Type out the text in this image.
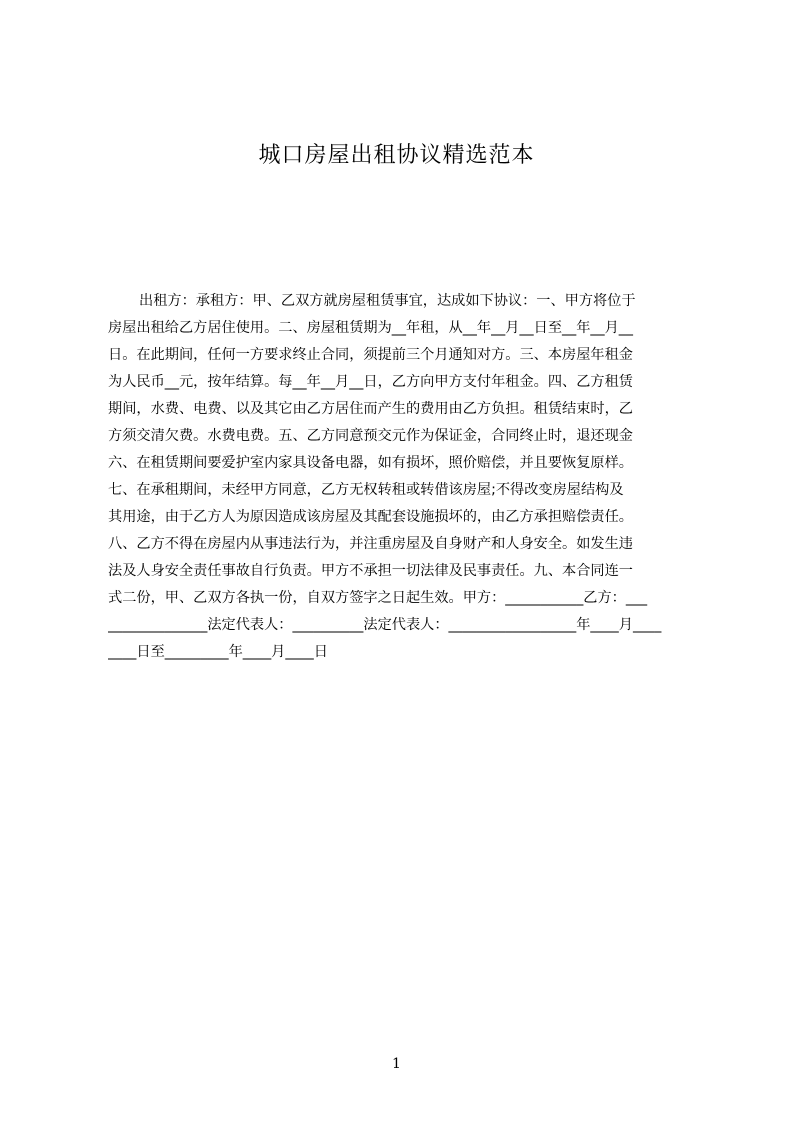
城口房屋出租协议精选范本
出租方：承租方：甲、乙双方就房屋租赁事宜，达成如下协议：一、甲方将位于
房屋出租给乙方居住使用。二、房屋租赁期为__年租，从__年__月__日至__年__月__
日。在此期间，任何一方要求终止合同，须提前三个月通知对方。三、本房屋年租金
为人民币__元，按年结算。每__年__月__日，乙方向甲方支付年租金。四、乙方租赁
期间，水费、电费、以及其它由乙方居住而产生的费用由乙方负担。租赁结束时，乙
方须交清欠费。水费电费。五、乙方同意预交元作为保证金，合同终止时，退还现金
六、在租赁期间要爱护室内家具设备电器，如有损坏，照价赔偿，并且要恢复原样。
七、在承租期间，未经甲方同意，乙方无权转租或转借该房屋;不得改变房屋结构及
其用途，由于乙方人为原因造成该房屋及其配套设施损坏的，由乙方承担赔偿责任。
八、乙方不得在房屋内从事违法行为，并注重房屋及自身财产和人身安全。如发生违
法及人身安全责任事故自行负责。甲方不承担一切法律及民事责任。九、本合同连一
式二份，甲、乙双方各执一份，自双方签字之日起生效。甲方：___________乙方：___
______________法定代表人：__________法定代表人：__________________年____月____
____日至_________年____月____日
1
